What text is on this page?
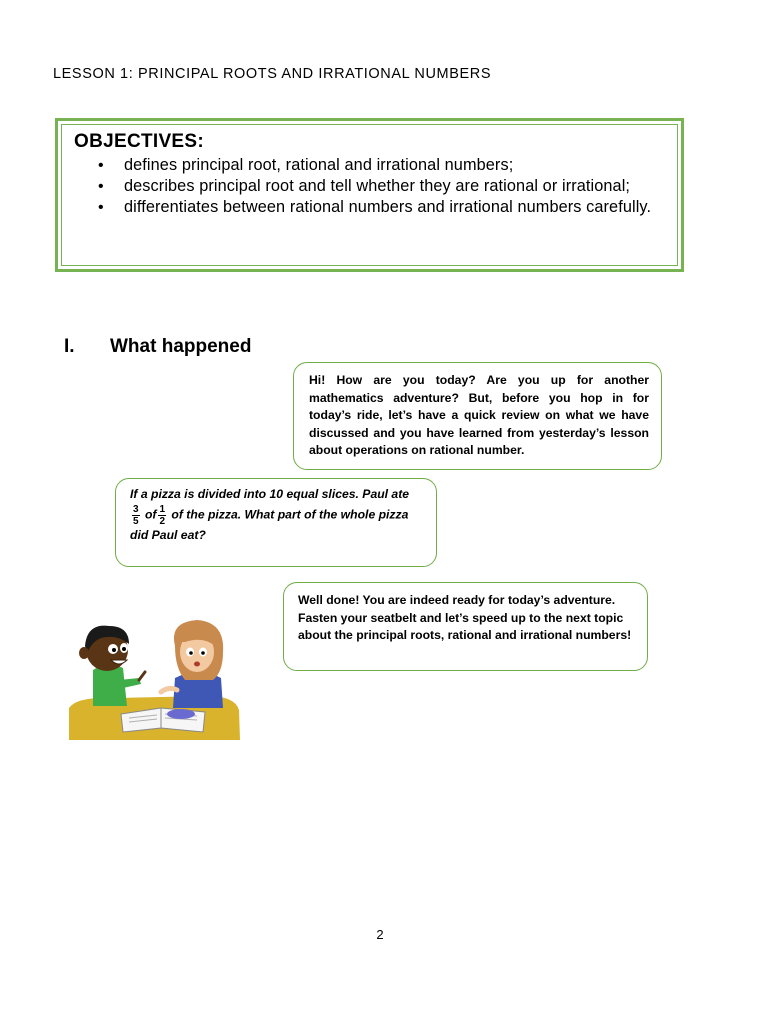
LESSON 1: PRINCIPAL ROOTS AND IRRATIONAL NUMBERS
OBJECTIVES:
• defines principal root, rational and irrational numbers;
• describes principal root and tell whether they are rational or irrational;
• differentiates between rational numbers and irrational numbers carefully.
I. What happened
Hi! How are you today? Are you up for another mathematics adventure? But, before you hop in for today’s ride, let’s have a quick review on what we have discussed and you have learned from yesterday’s lesson about operations on rational number.
If a pizza is divided into 10 equal slices. Paul ate
$\frac{3}{5}$ of $\frac{1}{2}$ of the pizza. What part of the whole pizza
did Paul eat?
Well done! You are indeed ready for today’s adventure. Fasten your seatbelt and let’s speed up to the next topic about the principal roots, rational and irrational numbers!
2
